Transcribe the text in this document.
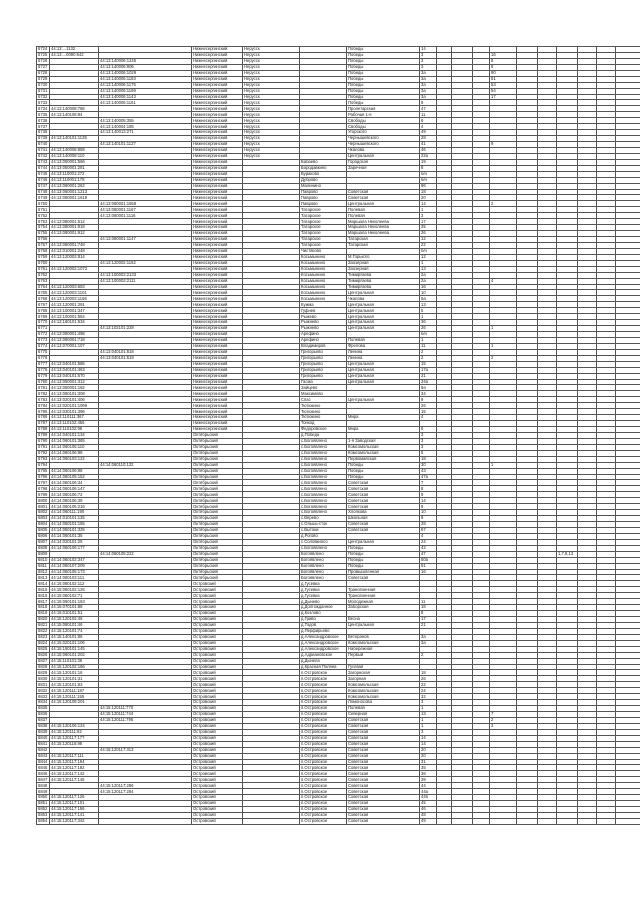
6724	44:13:...1132		Нижнесергинский	Нерусск		Победы	14											
6725	44:13:...0090:642		Нижнесергинский	Нерусск		Победы	3				16							
6726		44:13:140006:1245	Нижнесергинский	Нерусск		Победы	3				8							
6727		44:13:140006:906	Нижнесергинский	Нерусск		Победы	3				8							
6728		44:13:140006:1029	Нижнесергинский	Нерусск		Победы	3а				90							
6729		44:13:140006:1183	Нижнесергинский	Нерусск		Победы	3а				51							
6730		44:13:140006:1175	Нижнесергинский	Нерусск		Победы	3а				53							
6731		44:13:140006:1169	Нижнесергинский	Нерусск		Победы	3а				54							
6732		44:13:140006:1143	Нижнесергинский	Нерусск		Победы	3а				17							
6733		44:13:140006:1161	Нижнесергинский	Нерусск		Победы	8											
6734	44:13:140008:786		Нижнесергинский	Нерусск		Пролетарская	47											
6735	44:13:140108:84		Нижнесергинский	Нерусск		Рабочая 1-я	11											
6736		44:13:140005:355	Нижнесергинский	Нерусск		Свободы	6											
6737		44:13:140004:185	Нижнесергинский	Нерусск		Свободы	4											
6738		44:13:140013:271	Нижнесергинский	Нерусск		Угорского	49											
6739	44:13:140101:1135		Нижнесергинский	Нерусск		Чернышевского	28											
6740		44:13:140101:1127	Нижнесергинский	Нерусск		Чернышевского	41				9							
6741	44:13:140008:889		Нижнесергинский	Нерусск		Чкалова	46											
6742	44:13:140008:110		Нижнесергинский	Нерусск		Центральная	22а											
6743	44:13:050001:566		Нижнесергинский		Бабаево	Городская	19											
6744	44:13:050001:281		Нижнесергинский		Бородавкино	Заречная	8											
6745	44:13:110001:272		Нижнесергинский		Бураково		б/н											
6746	44:13:110001:178		Нижнесергинский		Дуброво		б/н											
6747	44:13:060001:262		Нижнесергинский		Малинино		96											
6748	44:13:060001:1213		Нижнесергинский		Паврово	Советская	18											
6749	44:13:060001:1619		Нижнесергинский		Паврово	Советская	20											
6750		44:13:060001:1658	Нижнесергинский		Паврово	Центральная	14				2							
6751		44:13:080001:1167	Нижнесергинский		Татарское	Полевая	1											
6752		44:13:080001:1116	Нижнесергинский		Татарское	Полевая	3											
6753	44:13:080001:512		Нижнесергинский		Татарское	Маршала Неколеева	17											
6754	44:13:080001:918		Нижнесергинский		Татарское	Маршала Неколеева	25											
6755	44:13:080001:912		Нижнесергинский		Татарское	Маршала Неколеева	26											
6756		44:13:080001:1147	Нижнесергинский		Татарское	Татарская	12											
6757	44:13:080001:748		Нижнесергинский		Татарское	Татарская	22											
6758	44:13:010001:248		Нижнесергинский		Чистяково		б/н											
6759	44:13:120002:814		Нижнесергинский		Косьмынино	М.Горького	12											
6760		44:13:120002:1162	Нижнесергинский		Косьмынино	Заозерная	1											
6761	44:13:120002:1072		Нижнесергинский		Косьмынино	Заозерная	13											
6762		44:13:100003:2133	Нижнесергинский		Косьмынино	Тимирязева	2а											
6763		44:13:100003:2111	Нижнесергинский		Косьмынино	Тимирязева	2а				4							
6764	44:13:120003:683		Нижнесергинский		Косьмынино	Тимирязева	16											
6765	44:13:120003:1101		Нижнесергинский		Косьмынино	Центральная	10											
6766	44:13:120003:1156		Нижнесергинский		Косьмынино	Чкалова	5а											
6767	44:13:120001:291		Нижнесергинский		Кужма	Центральная	13											
6768	44:13:100001:347		Нижнесергинский		Гуфнев	Центральная	5											
6769	44:13:100001:554		Нижнесергинский		Рыжево	Центральная	1											
6770	44:13:160101:634		Нижнесергинский		Рыжнево	Центральная	36											
6771		44:13:102101:228	Нижнесергинский		Рыжнево	Центральная	26				1							
6772	44:13:090001:498		Нижнесергинский		Арефино		б/н											
6773	44:13:090001:718		Нижнесергинский		Арефино	Полевая	1											
6774	44:13:070001:107		Нижнесергинский		Владимиров	Фрелова	11				1							
6775		44:13:040101:618	Нижнесергинский		Григорьево	Ленина	2											
6776		44:13:040101:619	Нижнесергинский		Григорьево	Ленина	2				2							
6777	44:13:040101:686		Нижнесергинский		Григорьево	Центральная	15											
6778	44:13:040101:463		Нижнесергинский		Григорьево	Центральная	17а											
6779	44:13:040101:570		Нижнесергинский		Григорьево	Центральная	21											
6780	44:13:050001:312		Нижнесергинский		Гасма	Центральная	34а											
6781	44:13:050001:182		Нижнесергинский		Зайцево		9а											
6782	44:13:060101:308		Нижнесергинский		Максимово		34											
6783	44:13:020101:406		Нижнесергинский		Спас	Центральная	9											
6784	44:13:020101:1069		Нижнесергинский		Тютюкино		26											
6785	44:13:030101:396		Нижнесергинский		Тютюкино		15											
6786	44:13:110111:367		Нижнесергинский		Тютюкино	Мира	4											
6787	44:13:110102:456		Нижнесергинский		Тонкод													
6788	44:13:110102:96		Нижнесергинский		Федоровское	Мира	6											
6789	44:14:040101:134		Октябрьский		д.Победа		3											
6790	44:14:060101:365		Октябрьский		с.Богоявлено	1-я Заводская	3											
6791	44:14:060105:110		Октябрьский		с.Богоявлено	Комсомольская	3											
6792	44:14:060106:98		Октябрьский		с.Богоявлено	Комсомольская	5											
6793	44:14:060103:122		Октябрьский		с.Богоявлено	Первомайская	18											
6794		44:14:060110:132	Октябрьский		с.Богоявлено	Победы	30				1							
6795	44:14:060106:98		Октябрьский		с.Богоявлено	Победы	43											
6796	44:14:060105:152		Октябрьский		с.Богоявлено	Победы	47а											
6797	44:14:060106:34		Октябрьский		с.Богоявлено	Советская	7											
6798	44:14:060106:147		Октябрьский		с.Богоявлено	Советская	8											
6799	44:14:060106:72		Октябрьский		с.Богоявлено	Советская	9											
6800	44:14:060106:39		Октябрьский		с.Богоявлено	Советская	14											
6801	44:14:060105:216		Октябрьский		с.Богоявлено	Советская	6											
6802	44:14:060111:190		Октябрьский		с.Богоявлено	Хлопкова	10											
6803	44:14:010101:125		Октябрьский		с.Верево	Школьная	9											
6804	44:14:050101:155		Октябрьский		с.Ольшь-сток	Советская	28											
6805	44:14:050101:325		Октябрьский		с.Вытоки	Советская	67											
6806	44:14:060101:35		Октябрьский		д.Рогово		4											
6807	44:14:020101:25		Октябрьский		с.Соловкиосо	Центральная	24											
6808	44:14:060106:177		Октябрьский		с.Богоявлено	Победы	42											
6809		44:14:060105:222	Октябрьский		Богоявлено	Победы	47							1,7,8,13				
6810	44:14:060102:347		Октябрьский		Богоявлено	Победы	50а											
6811	44:14:060107:209		Октябрьский		Богоявлено	Победы	51											
6812	44:14:060105:173		Октябрьский		Богоявлено	Промышленная	16											
6813	44:14:060103:111		Октябрьский		Богоявлено	Советская												
6814	44:15:060102:112		Островский		д.Гусевка													
6815	44:15:060102:126		Островский		д.Гусевка	Трансвоенная												
6816	44:15:060102:71		Островский		д.Гусевка	Трансвоенная												
6817	44:15:060101:163		Островский		д.Дынево	Молодежная	11											
6818	44:15:070101:88		Островский		д.Долгожданное	Заборская	18											
6819	44:15:010101:51		Островский		д.Козлово		8											
6820	44:15:120102:46		Островский		д.Гриво	Весна	17											
6821	44:15:060101:46		Островский		д.Тодов	Центральная	21											
6822	44:15:120101:74		Островский		д.Перфирьево													
6823	44:15:140101:86		Островский		д.Александровское	Ветеранов	3а											
6824	44:15:020101:106		Островский		д.Александровское	Комсомольская	3а											
6825	44:15:150101:145		Островский		д.Александровское	Набережная												
6826	44:15:060101:202		Островский		д.Адриановское	Первый	2											
6827	44:15:110101:36		Островский		д.Дынепа													
6828	44:15:120102:166		Островский		д.Красная Поляна	Гусевая												
6829	44:15:120101:16		Островский		п.Островское	Загорнская	18											
6830	44:15:120101:31		Островский		п.Островское	Загорная	26											
6831	44:15:120101:63		Островский		п.Островское	Комсомольская	22											
6832	44:15:120111:187		Островский		п.Островское	Комсомольская	24											
6833	44:15:120111:155		Островский		п.Островское	Комсомольская	32											
6834	44:15:120108:201		Островский		п.Островское	Ломоносова	3											
6835		44:15:120111:770	Островский		п.Островское	Полевая	1											
6836		44:15:120111:744	Островский		п.Островское	Северная	13				7							
6837		44:15:120111:795	Островский		п.Островское	Советская	1				2							
6838	44:15:120106:124		Островский		п.Островское	Советская	1				3							
6839	44:15:120111:82		Островский		п.Островское	Советская	3											
6840	44:15:120117:177		Островский		п.Островское	Советская	14											
6841	44:15:120116:98		Островский		п.Островское	Советская	14											
6842		44:15:120117:313	Островский		п.Островское	Советская	20											
6843	44:15:120117:111		Островский		п.Островское	Советская	20											
6844	44:15:120117:194		Островский		п.Островское	Советская	31											
6845	44:15:120117:192		Островский		п.Островское	Советская	35											
6846	44:15:120117:142		Островский		п.Островское	Советская	38											
6847	44:15:120117:145		Островский		п.Островское	Советская	39											
6848		44:15:120117:286	Островский		п.Островское	Советская	44											
6849		44:15:120117:284	Островский		п.Островское	Советская	44а											
6850	44:15:120117:126		Островский		п.Островское	Советская	44б											
6851	44:15:120117:101		Островский		п.Островское	Советская	45											
6852	44:15:120117:156		Островский		п.Островское	Советская	46											
6853	44:15:120117:141		Островский		п.Островское	Советская	48											
6854	44:15:120117:342		Островский		п.Островское	Советская	49											
